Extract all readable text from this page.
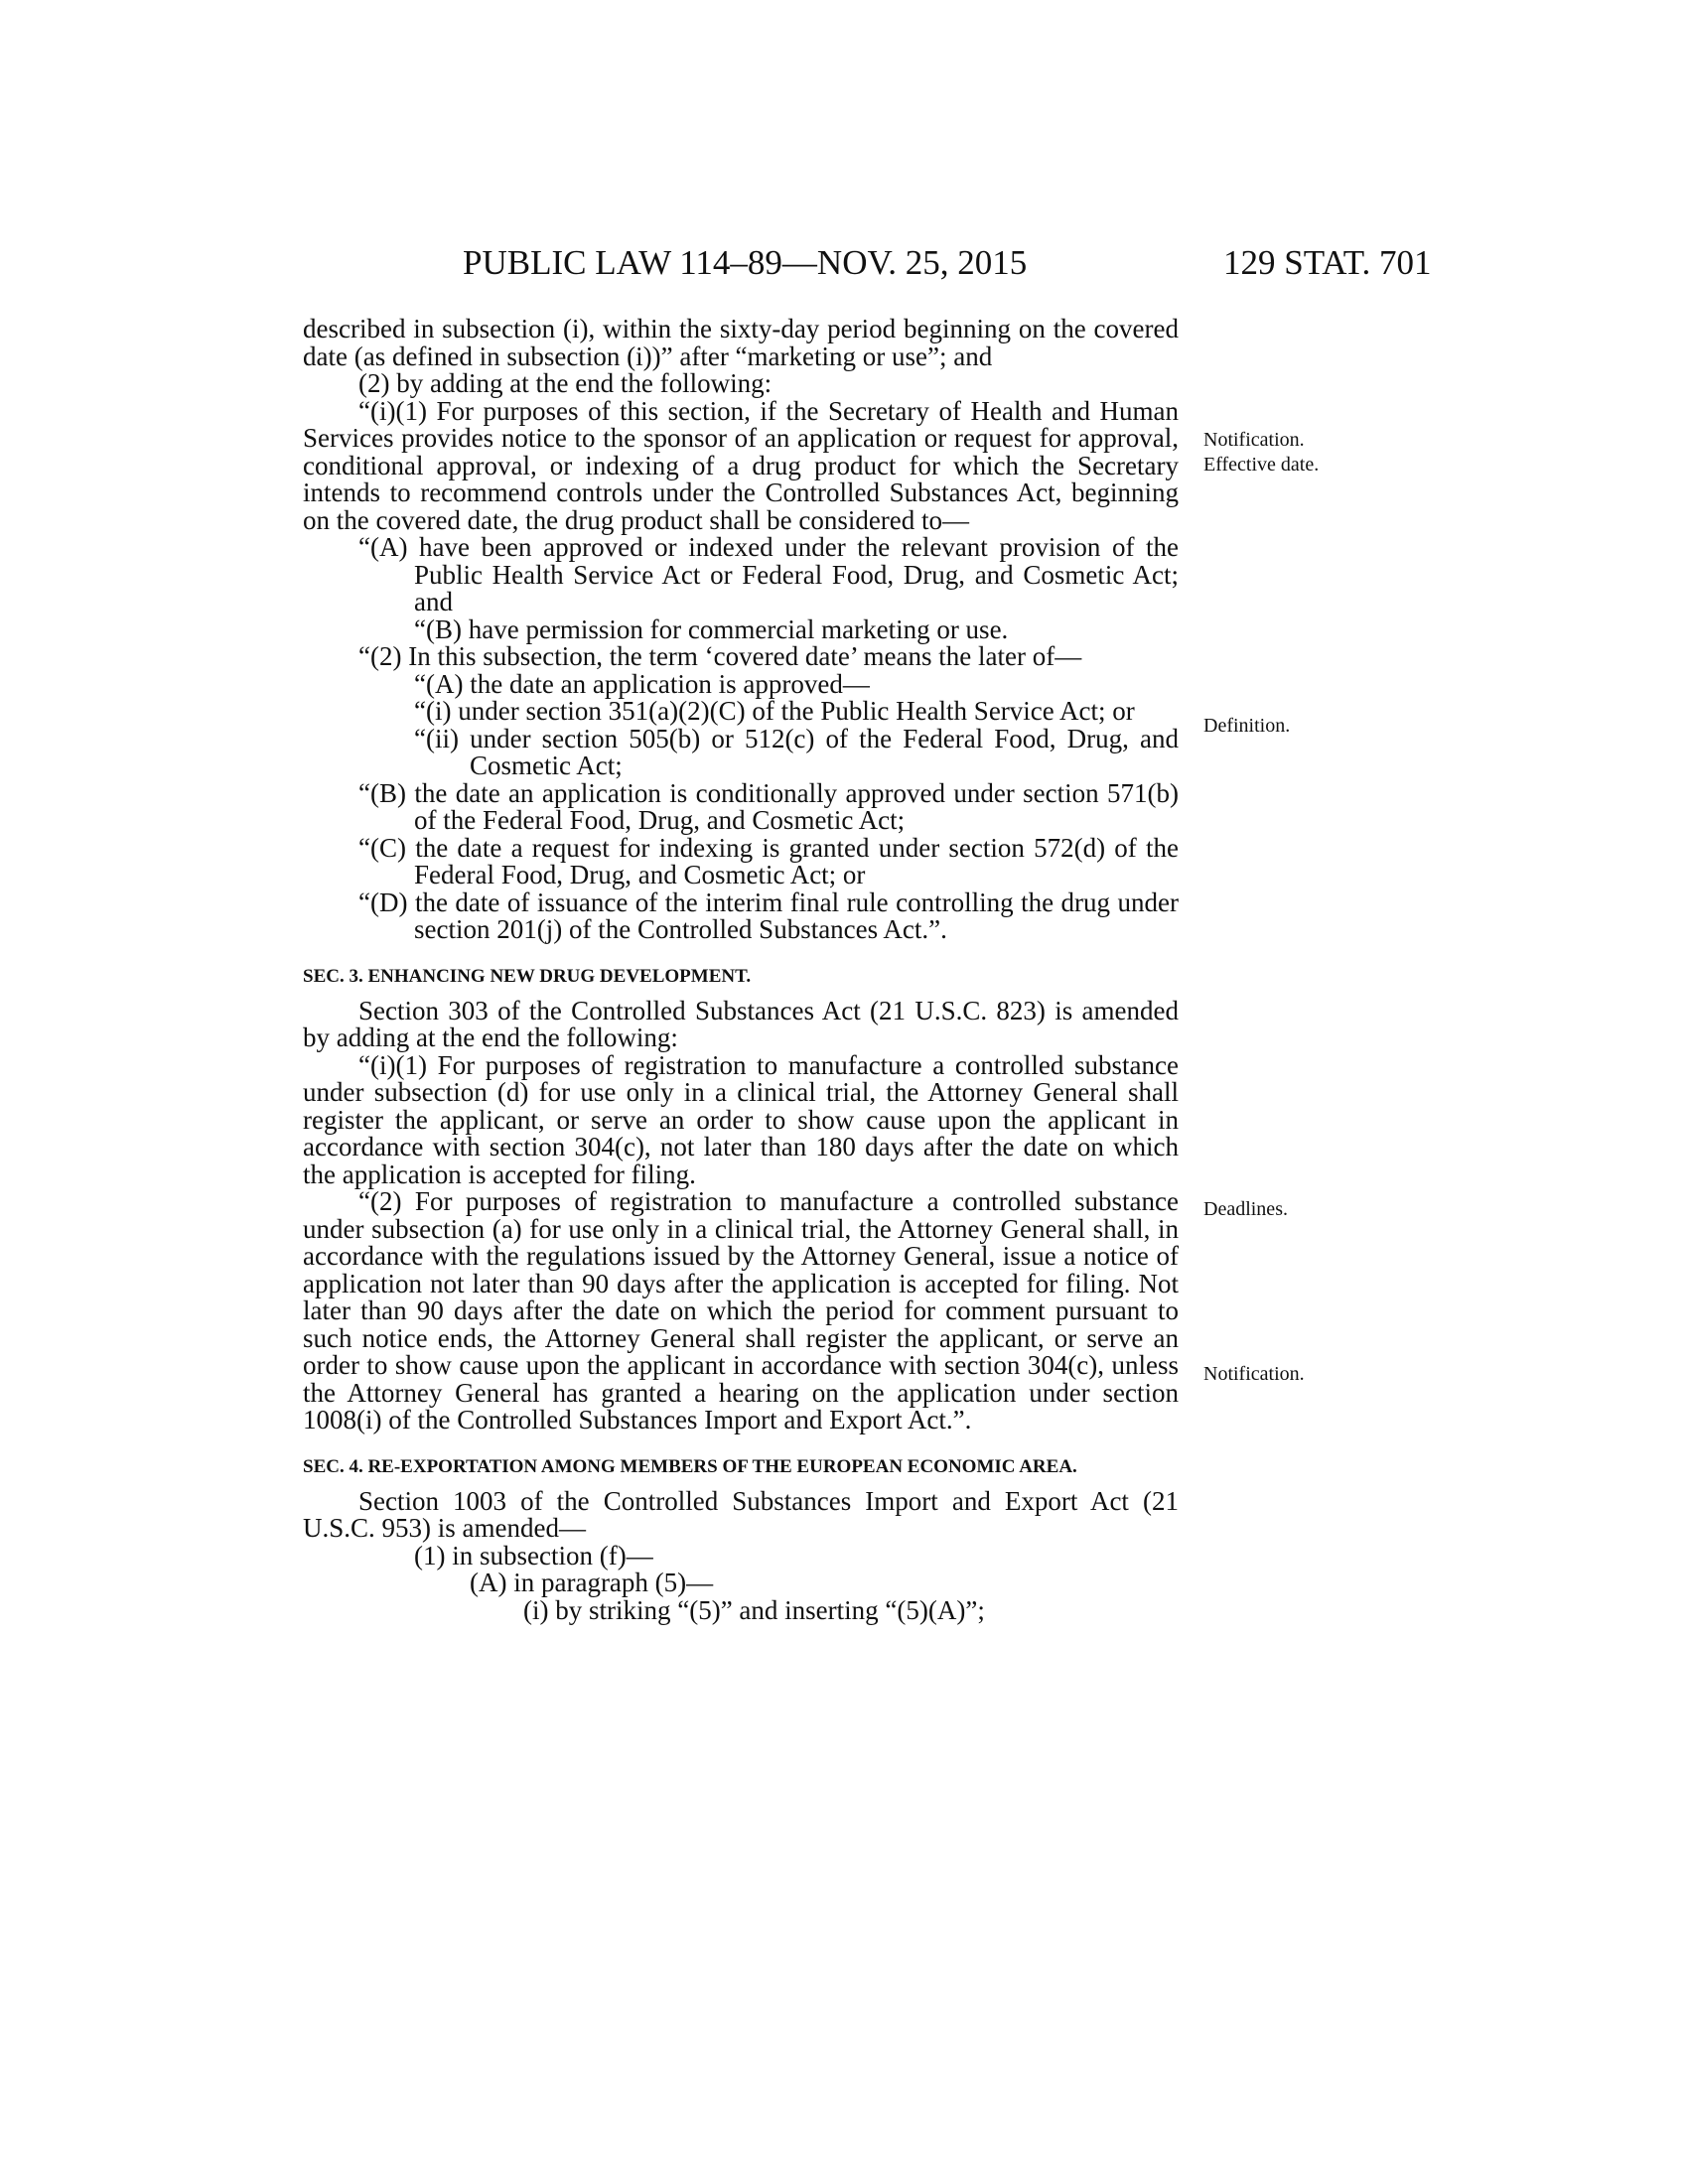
PUBLIC LAW 114–89—NOV. 25, 2015	129 STAT. 701
Notification.
Effective date.
Definition.
Deadlines.
Notification.

described in subsection (i), within the sixty-day period beginning on the covered date (as defined in subsection (i))” after “marketing or use”; and

(2) by adding at the end the following:

“(i)(1) For purposes of this section, if the Secretary of Health and Human Services provides notice to the sponsor of an application or request for approval, conditional approval, or indexing of a drug product for which the Secretary intends to recommend controls under the Controlled Substances Act, beginning on the covered date, the drug product shall be considered to—

“(A) have been approved or indexed under the relevant provision of the Public Health Service Act or Federal Food, Drug, and Cosmetic Act; and

“(B) have permission for commercial marketing or use.

“(2) In this subsection, the term ‘covered date’ means the later of—

“(A) the date an application is approved—

“(i) under section 351(a)(2)(C) of the Public Health Service Act; or

“(ii) under section 505(b) or 512(c) of the Federal Food, Drug, and Cosmetic Act;

“(B) the date an application is conditionally approved under section 571(b) of the Federal Food, Drug, and Cosmetic Act;

“(C) the date a request for indexing is granted under section 572(d) of the Federal Food, Drug, and Cosmetic Act; or

“(D) the date of issuance of the interim final rule controlling the drug under section 201(j) of the Controlled Substances Act.”.

SEC. 3. ENHANCING NEW DRUG DEVELOPMENT.

Section 303 of the Controlled Substances Act (21 U.S.C. 823) is amended by adding at the end the following:

“(i)(1) For purposes of registration to manufacture a controlled substance under subsection (d) for use only in a clinical trial, the Attorney General shall register the applicant, or serve an order to show cause upon the applicant in accordance with section 304(c), not later than 180 days after the date on which the application is accepted for filing.

“(2) For purposes of registration to manufacture a controlled substance under subsection (a) for use only in a clinical trial, the Attorney General shall, in accordance with the regulations issued by the Attorney General, issue a notice of application not later than 90 days after the application is accepted for filing. Not later than 90 days after the date on which the period for comment pursuant to such notice ends, the Attorney General shall register the applicant, or serve an order to show cause upon the applicant in accordance with section 304(c), unless the Attorney General has granted a hearing on the application under section 1008(i) of the Controlled Substances Import and Export Act.”.

SEC. 4. RE-EXPORTATION AMONG MEMBERS OF THE EUROPEAN ECONOMIC AREA.

Section 1003 of the Controlled Substances Import and Export Act (21 U.S.C. 953) is amended—

(1) in subsection (f)—

(A) in paragraph (5)—

(i) by striking “(5)” and inserting “(5)(A)”;
